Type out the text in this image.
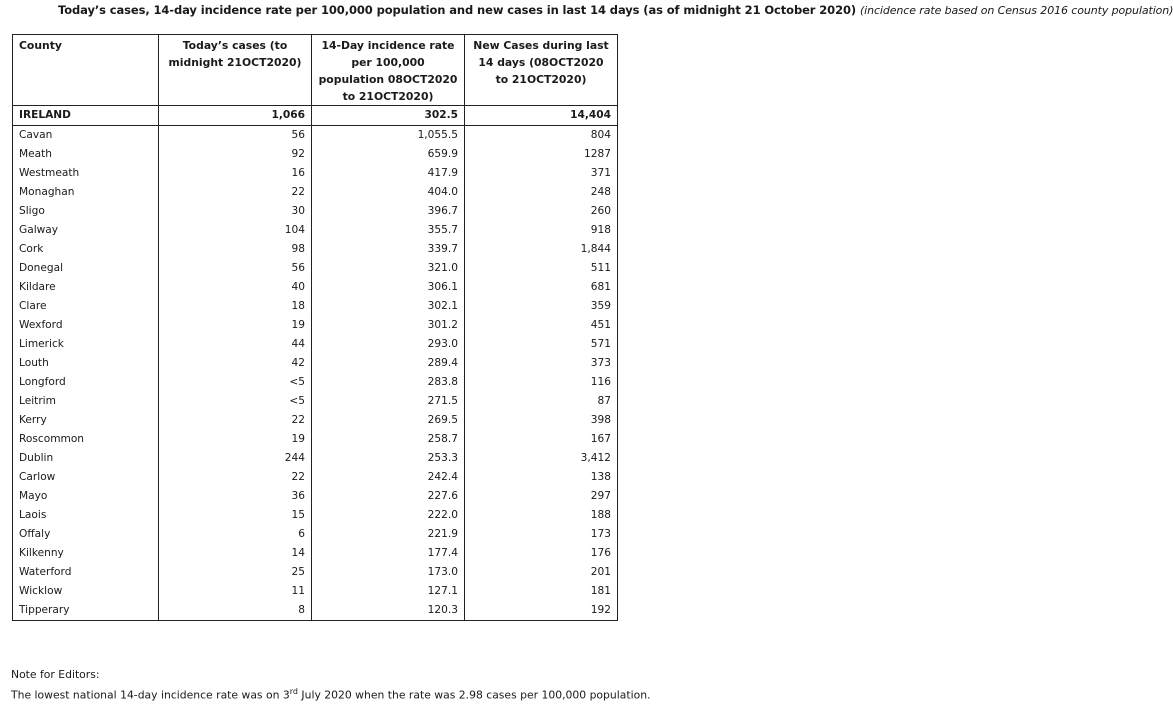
Today’s cases, 14-day incidence rate per 100,000 population and new cases in last 14 days (as of midnight 21 October 2020) (incidence rate based on Census 2016 county population)
County	Today’s cases (to midnight 21OCT2020)	14-Day incidence rate per 100,000 population 08OCT2020 to 21OCT2020)	New Cases during last 14 days (08OCT2020 to 21OCT2020)
IRELAND	1,066	302.5	14,404
Cavan	56	1,055.5	804
Meath	92	659.9	1287
Westmeath	16	417.9	371
Monaghan	22	404.0	248
Sligo	30	396.7	260
Galway	104	355.7	918
Cork	98	339.7	1,844
Donegal	56	321.0	511
Kildare	40	306.1	681
Clare	18	302.1	359
Wexford	19	301.2	451
Limerick	44	293.0	571
Louth	42	289.4	373
Longford	<5	283.8	116
Leitrim	<5	271.5	87
Kerry	22	269.5	398
Roscommon	19	258.7	167
Dublin	244	253.3	3,412
Carlow	22	242.4	138
Mayo	36	227.6	297
Laois	15	222.0	188
Offaly	6	221.9	173
Kilkenny	14	177.4	176
Waterford	25	173.0	201
Wicklow	11	127.1	181
Tipperary	8	120.3	192
Note for Editors:
The lowest national 14-day incidence rate was on 3rd July 2020 when the rate was 2.98 cases per 100,000 population.
